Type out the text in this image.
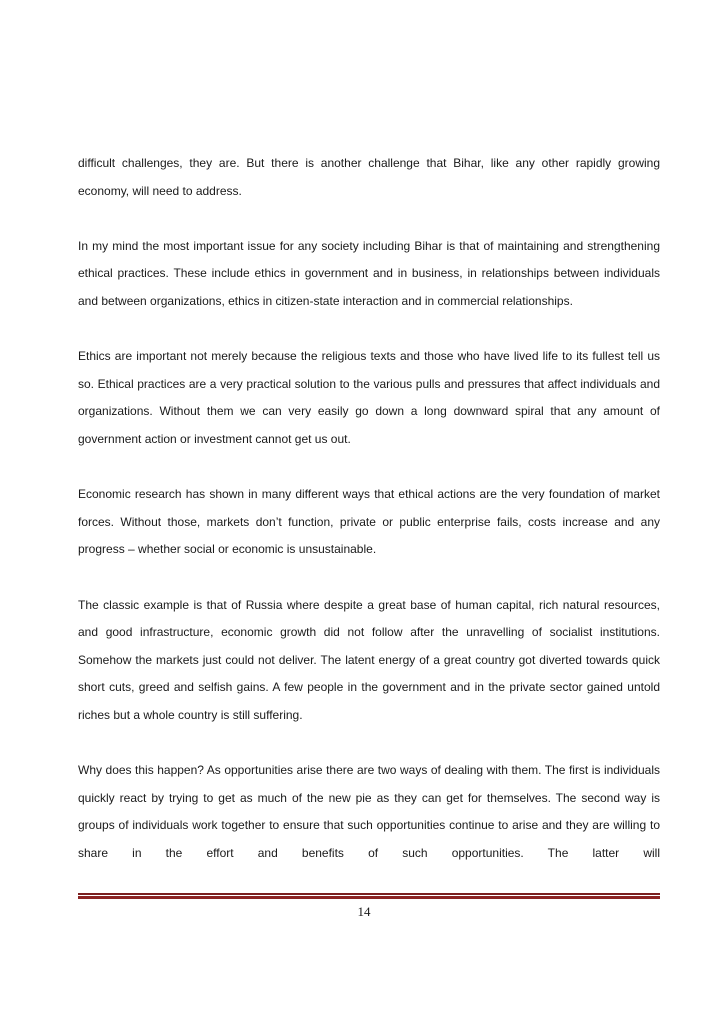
difficult challenges, they are. But there is another challenge that Bihar, like any other rapidly growing economy, will need to address.

In my mind the most important issue for any society including Bihar is that of maintaining and strengthening ethical practices. These include ethics in government and in business, in relationships between individuals and between organizations, ethics in citizen-state interaction and in commercial relationships.

Ethics are important not merely because the religious texts and those who have lived life to its fullest tell us so. Ethical practices are a very practical solution to the various pulls and pressures that affect individuals and organizations. Without them we can very easily go down a long downward spiral that any amount of government action or investment cannot get us out.

Economic research has shown in many different ways that ethical actions are the very foundation of market forces. Without those, markets don’t function, private or public enterprise fails, costs increase and any progress – whether social or economic is unsustainable.

The classic example is that of Russia where despite a great base of human capital, rich natural resources, and good infrastructure, economic growth did not follow after the unravelling of socialist institutions. Somehow the markets just could not deliver. The latent energy of a great country got diverted towards quick short cuts, greed and selfish gains. A few people in the government and in the private sector gained untold riches but a whole country is still suffering.

Why does this happen? As opportunities arise there are two ways of dealing with them. The first is individuals quickly react by trying to get as much of the new pie as they can get for themselves. The second way is groups of individuals work together to ensure that such opportunities continue to arise and they are willing to share in the effort and benefits of such opportunities. The latter will

14
